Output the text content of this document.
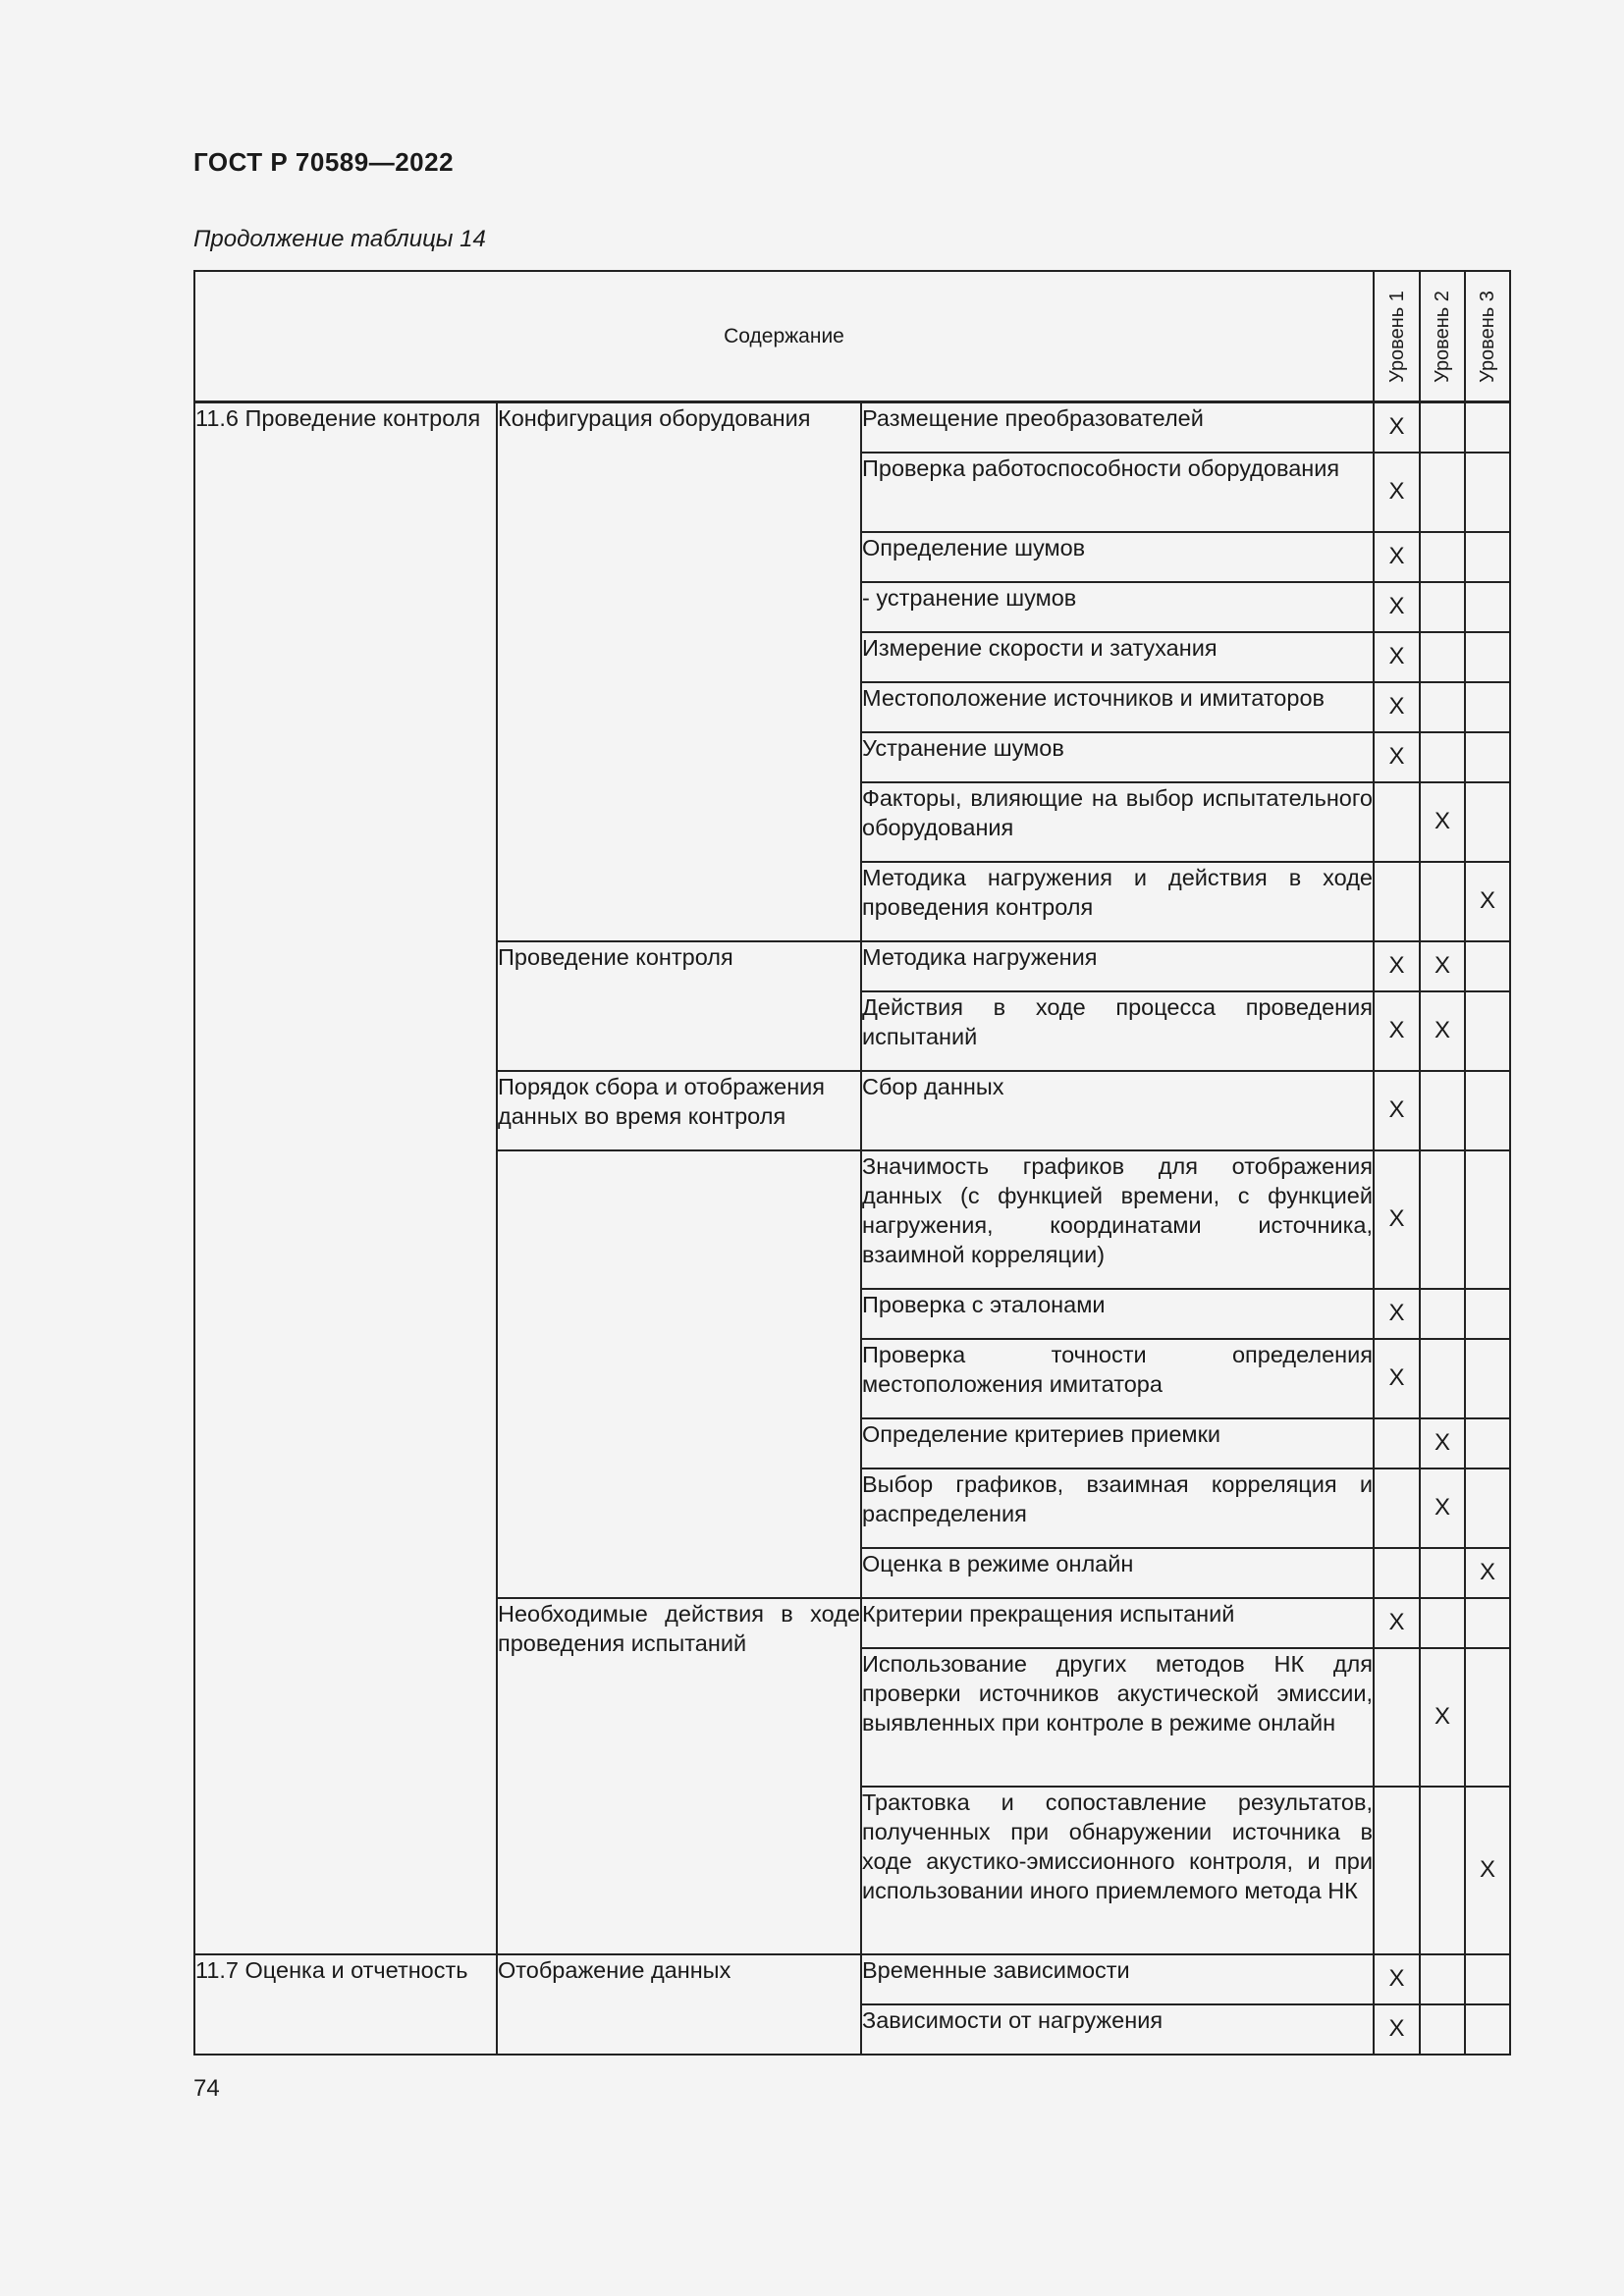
ГОСТ Р 70589—2022
Продолжение таблицы 14
Содержание			Уровень 1	Уровень 2	Уровень 3

11.6 Проведение контроля	Конфигурация оборудования	Размещение преобразователей	X		
		Проверка работоспособности оборудования	X		
		Определение шумов	X		
		- устранение шумов	X		
		Измерение скорости и затухания	X		
		Местоположение источников и имитаторов	X		
		Устранение шумов	X		
		Факторы, влияющие на выбор испытательного оборудования		X	
		Методика нагружения и действия в ходе проведения контроля			X
	Проведение контроля	Методика нагружения	X	X	
		Действия в ходе процесса проведения испытаний	X	X	
	Порядок сбора и отображения данных во время контроля	Сбор данных	X		
		Значимость графиков для отображения данных (с функцией времени, с функцией нагружения, координатами источника, взаимной корреляции)	X		
		Проверка с эталонами	X		
		Проверка точности определения местоположения имитатора	X		
		Определение критериев приемки		X	
		Выбор графиков, взаимная корреляция и распределения		X	
		Оценка в режиме онлайн			X
	Необходимые действия в ходе проведения испытаний	Критерии прекращения испытаний	X		
		Использование других методов НК для проверки источников акустической эмиссии, выявленных при контроле в режиме онлайн		X	
		Трактовка и сопоставление результатов, полученных при обнаружении источника в ходе акустико-эмиссионного контроля, и при использовании иного приемлемого метода НК			X
11.7 Оценка и отчетность	Отображение данных	Временные зависимости	X		
		Зависимости от нагружения	X		
74
